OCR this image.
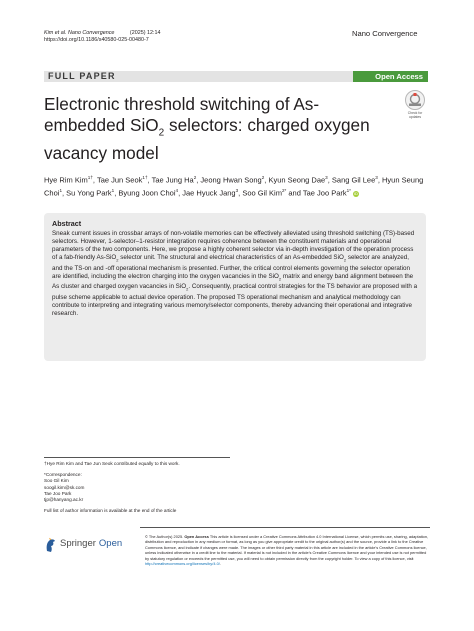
Kim et al. Nano Convergence	(2025) 12:14
https://doi.org/10.1186/s40580-025-00480-7
Nano Convergence
FULL PAPER	Open Access
Electronic threshold switching of As-
embedded SiO$_2$ selectors: charged oxygen
vacancy model
Check for updates
Hye Rim Kim$^{1\dagger}$, Tae Jun Seok$^{1\dagger}$, Tae Jung Ha$^2$, Jeong Hwan Song$^2$, Kyun Seong Dae$^3$, Sang Gil Lee$^3$, Hyun Seung Choi$^1$, Su Yong Park$^1$, Byung Joon Choi$^4$, Jae Hyuck Jang$^3$, Soo Gil Kim$^{2*}$ and Tae Joo Park$^{1*}$ iD
Abstract
Sneak current issues in crossbar arrays of non-volatile memories can be effectively alleviated using threshold switching (TS)-based selectors. However, 1-selector–1-resistor integration requires coherence between the constituent materials and operational parameters of the two components. Here, we propose a highly coherent selector via in-depth investigation of the operation process of a fab-friendly As-SiO$_2$ selector unit. The structural and electrical characteristics of an As-embedded SiO$_2$ selector are analyzed, and the TS-on and -off operational mechanism is presented. Further, the critical control elements governing the selector operation are identified, including the electron charging into the oxygen vacancies in the SiO$_2$ matrix and energy band alignment between the As cluster and charged oxygen vacancies in SiO$_2$. Consequently, practical control strategies for the TS behavior are proposed with a pulse scheme applicable to actual device operation. The proposed TS operational mechanism and analytical methodology can contribute to interpreting and integrating various memory/selector components, thereby advancing their operational and integrative research.
†Hye Rim Kim and Tae Jun Seok contributed equally to this work.
*Correspondence:
Soo Gil Kim
soogil.kim@sk.com
Tae Joo Park
tjp@hanyang.ac.kr
Full list of author information is available at the end of the article
Springer Open
© The Author(s) 2025. Open Access This article is licensed under a Creative Commons Attribution 4.0 International License, which permits use, sharing, adaptation, distribution and reproduction in any medium or format, as long as you give appropriate credit to the original author(s) and the source, provide a link to the Creative Commons licence, and indicate if changes were made. The images or other third party material in this article are included in the article's Creative Commons licence, unless indicated otherwise in a credit line to the material. If material is not included in the article's Creative Commons licence and your intended use is not permitted by statutory regulation or exceeds the permitted use, you will need to obtain permission directly from the copyright holder. To view a copy of this licence, visit http://creativecommons.org/licenses/by/4.0/.
